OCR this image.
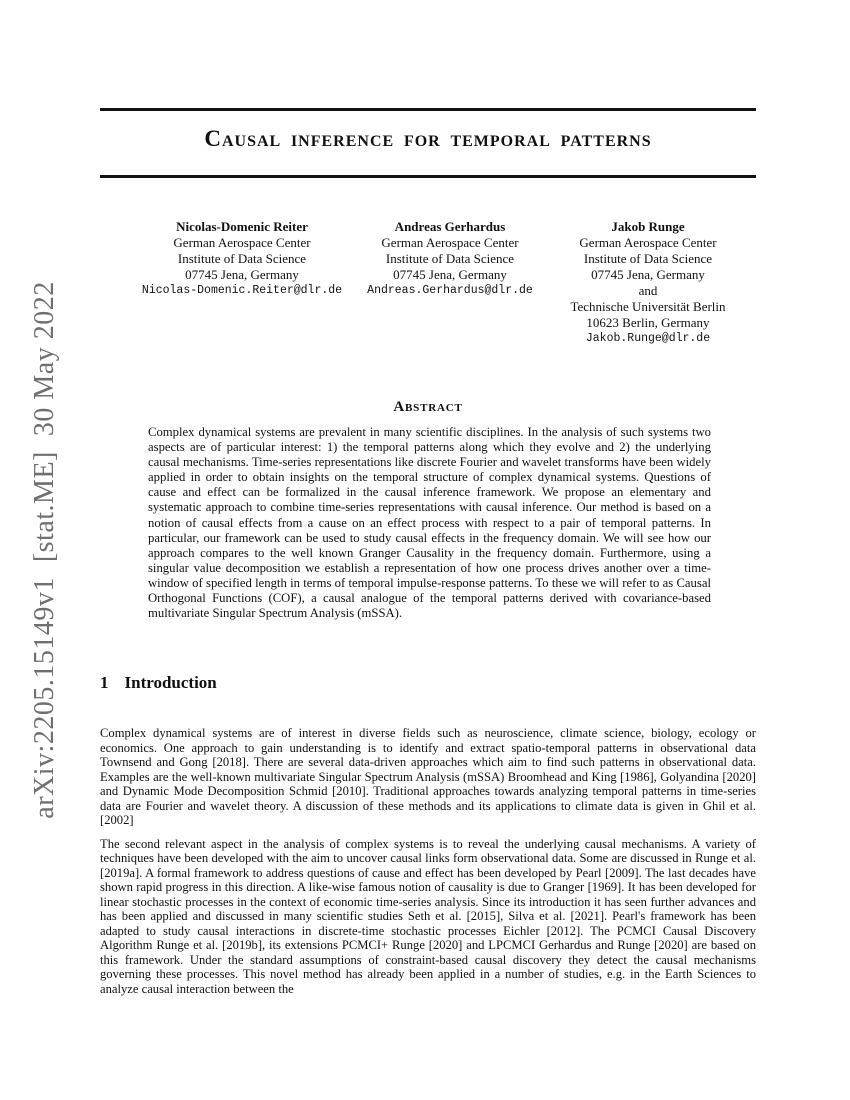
arXiv:2205.15149v1  [stat.ME]  30 May 2022
Causal inference for temporal patterns
Nicolas-Domenic Reiter
German Aerospace Center
Institute of Data Science
07745 Jena, Germany
Nicolas-Domenic.Reiter@dlr.de
Andreas Gerhardus
German Aerospace Center
Institute of Data Science
07745 Jena, Germany
Andreas.Gerhardus@dlr.de
Jakob Runge
German Aerospace Center
Institute of Data Science
07745 Jena, Germany
and
Technische Universität Berlin
10623 Berlin, Germany
Jakob.Runge@dlr.de
Abstract
Complex dynamical systems are prevalent in many scientific disciplines. In the analysis of such systems two aspects are of particular interest: 1) the temporal patterns along which they evolve and 2) the underlying causal mechanisms. Time-series representations like discrete Fourier and wavelet transforms have been widely applied in order to obtain insights on the temporal structure of complex dynamical systems. Questions of cause and effect can be formalized in the causal inference framework. We propose an elementary and systematic approach to combine time-series representations with causal inference. Our method is based on a notion of causal effects from a cause on an effect process with respect to a pair of temporal patterns. In particular, our framework can be used to study causal effects in the frequency domain. We will see how our approach compares to the well known Granger Causality in the frequency domain. Furthermore, using a singular value decomposition we establish a representation of how one process drives another over a time-window of specified length in terms of temporal impulse-response patterns. To these we will refer to as Causal Orthogonal Functions (COF), a causal analogue of the temporal patterns derived with covariance-based multivariate Singular Spectrum Analysis (mSSA).
1 Introduction

Complex dynamical systems are of interest in diverse fields such as neuroscience, climate science, biology, ecology or economics. One approach to gain understanding is to identify and extract spatio-temporal patterns in observational data Townsend and Gong [2018]. There are several data-driven approaches which aim to find such patterns in observational data. Examples are the well-known multivariate Singular Spectrum Analysis (mSSA) Broomhead and King [1986], Golyandina [2020] and Dynamic Mode Decomposition Schmid [2010]. Traditional approaches towards analyzing temporal patterns in time-series data are Fourier and wavelet theory. A discussion of these methods and its applications to climate data is given in Ghil et al. [2002]

The second relevant aspect in the analysis of complex systems is to reveal the underlying causal mechanisms. A variety of techniques have been developed with the aim to uncover causal links form observational data. Some are discussed in Runge et al. [2019a]. A formal framework to address questions of cause and effect has been developed by Pearl [2009]. The last decades have shown rapid progress in this direction. A like-wise famous notion of causality is due to Granger [1969]. It has been developed for linear stochastic processes in the context of economic time-series analysis. Since its introduction it has seen further advances and has been applied and discussed in many scientific studies Seth et al. [2015], Silva et al. [2021]. Pearl's framework has been adapted to study causal interactions in discrete-time stochastic processes Eichler [2012]. The PCMCI Causal Discovery Algorithm Runge et al. [2019b], its extensions PCMCI+ Runge [2020] and LPCMCI Gerhardus and Runge [2020] are based on this framework. Under the standard assumptions of constraint-based causal discovery they detect the causal mechanisms governing these processes. This novel method has already been applied in a number of studies, e.g. in the Earth Sciences to analyze causal interaction between the
